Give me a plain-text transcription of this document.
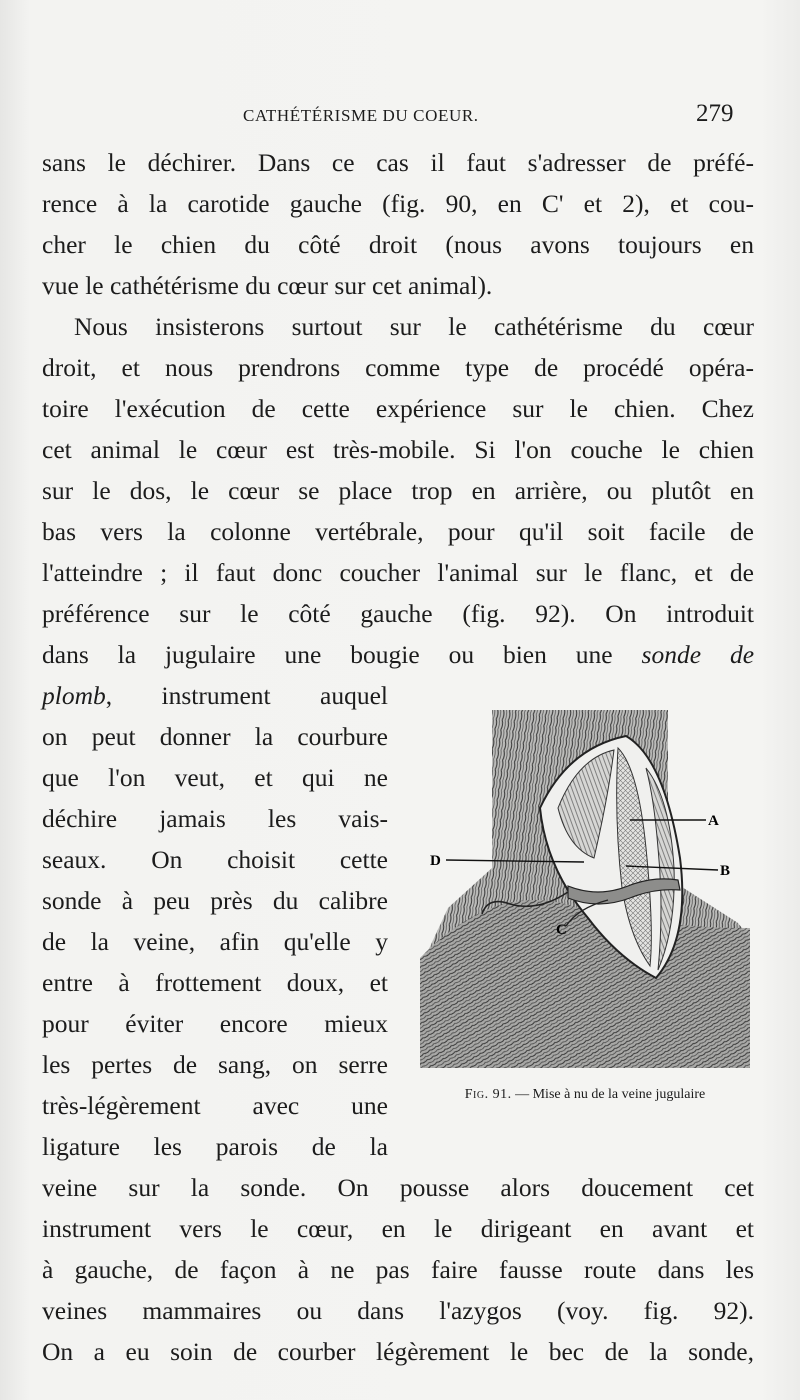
CATHÉTÉRISME DU COEUR.	279
sans le déchirer. Dans ce cas il faut s'adresser de préfé-
rence à la carotide gauche (fig. 90, en C' et 2), et cou-
cher le chien du côté droit (nous avons toujours en
vue le cathétérisme du cœur sur cet animal).
Nous insisterons surtout sur le cathétérisme du cœur
droit, et nous prendrons comme type de procédé opéra-
toire l'exécution de cette expérience sur le chien. Chez
cet animal le cœur est très-mobile. Si l'on couche le chien
sur le dos, le cœur se place trop en arrière, ou plutôt en
bas vers la colonne vertébrale, pour qu'il soit facile de
l'atteindre ; il faut donc coucher l'animal sur le flanc, et de
préférence sur le côté gauche (fig. 92). On introduit
dans la jugulaire une bougie ou bien une sonde de
plomb, instrument auquel
on peut donner la courbure
que l'on veut, et qui ne
déchire jamais les vais-
seaux. On choisit cette
sonde à peu près du calibre
de la veine, afin qu'elle y
entre à frottement doux, et
pour éviter encore mieux
les pertes de sang, on serre
très-légèrement avec une
ligature les parois de la
veine sur la sonde. On pousse alors doucement cet
instrument vers le cœur, en le dirigeant en avant et
à gauche, de façon à ne pas faire fausse route dans les
veines mammaires ou dans l'azygos (voy. fig. 92).
On a eu soin de courber légèrement le bec de la sonde,
A
B
C
D
Fig. 91. — Mise à nu de la veine jugulaire
